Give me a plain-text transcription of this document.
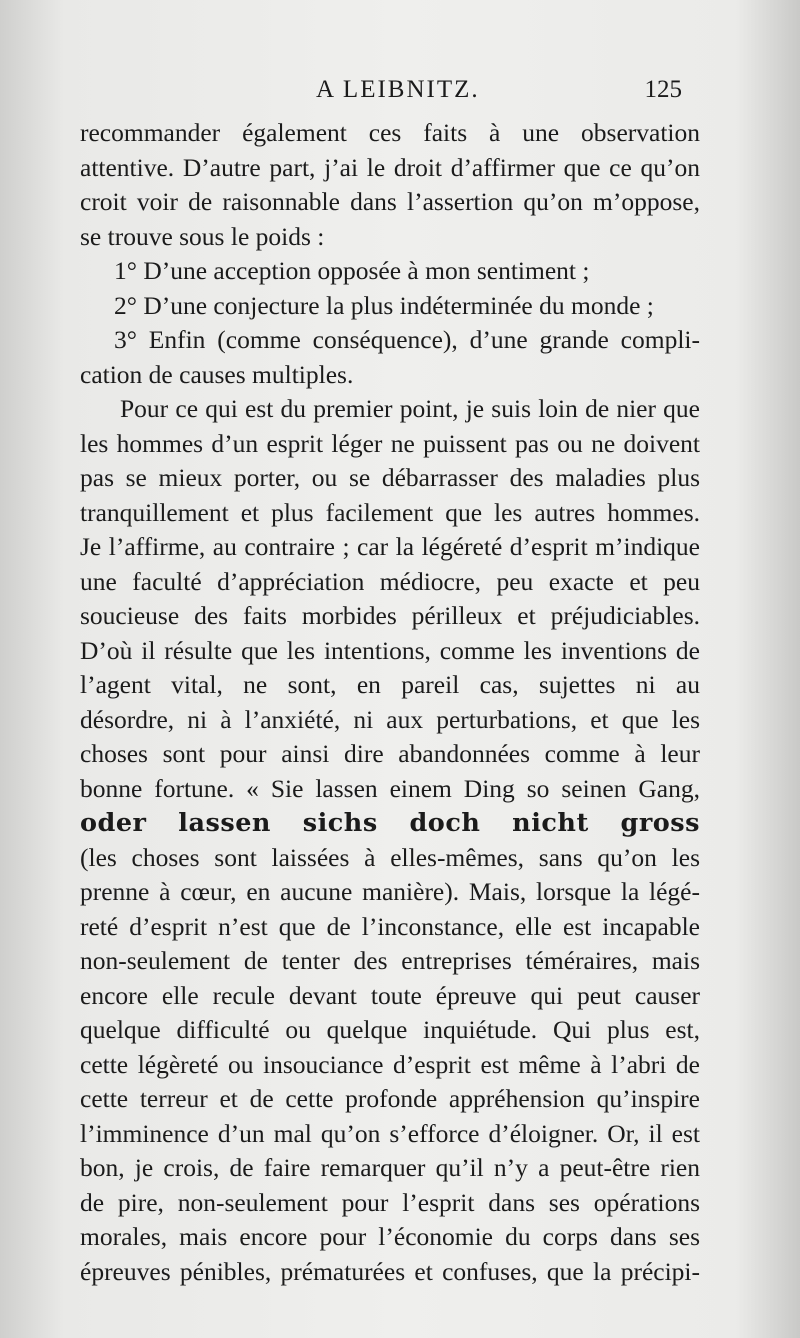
A LEIBNITZ.	125
recommander également ces faits à une observation
attentive. D’autre part, j’ai le droit d’affirmer que ce qu’on
croit voir de raisonnable dans l’assertion qu’on m’oppose,
se trouve sous le poids :
1° D’une acception opposée à mon sentiment ;
2° D’une conjecture la plus indéterminée du monde ;
3° Enfin (comme conséquence), d’une grande compli-
cation de causes multiples.
Pour ce qui est du premier point, je suis loin de nier que
les hommes d’un esprit léger ne puissent pas ou ne doivent
pas se mieux porter, ou se débarrasser des maladies plus
tranquillement et plus facilement que les autres hommes.
Je l’affirme, au contraire ; car la légéreté d’esprit m’indique
une faculté d’appréciation médiocre, peu exacte et peu
soucieuse des faits morbides périlleux et préjudiciables.
D’où il résulte que les intentions, comme les inventions de
l’agent vital, ne sont, en pareil cas, sujettes ni au
désordre, ni à l’anxiété, ni aux perturbations, et que les
choses sont pour ainsi dire abandonnées comme à leur
bonne fortune. « Sie lassen einem Ding so seinen Gang,
oder lassen sichs doch nicht gross
(les choses sont laissées à elles-mêmes, sans qu’on les
prenne à cœur, en aucune manière). Mais, lorsque la légé-
reté d’esprit n’est que de l’inconstance, elle est incapable
non-seulement de tenter des entreprises téméraires, mais
encore elle recule devant toute épreuve qui peut causer
quelque difficulté ou quelque inquiétude. Qui plus est,
cette légèreté ou insouciance d’esprit est même à l’abri de
cette terreur et de cette profonde appréhension qu’inspire
l’imminence d’un mal qu’on s’efforce d’éloigner. Or, il est
bon, je crois, de faire remarquer qu’il n’y a peut-être rien
de pire, non-seulement pour l’esprit dans ses opérations
morales, mais encore pour l’économie du corps dans ses
épreuves pénibles, prématurées et confuses, que la précipi-
